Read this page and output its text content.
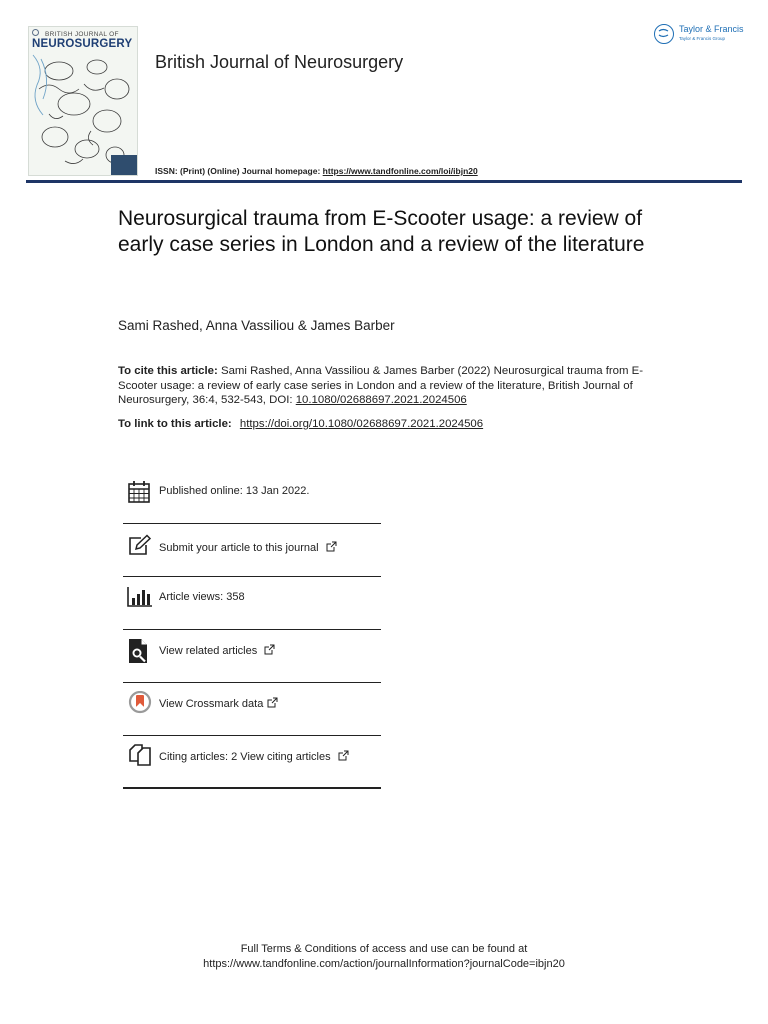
BRITISH JOURNAL OF
NEUROSURGERY
British Journal of Neurosurgery
ISSN: (Print) (Online) Journal homepage: https://www.tandfonline.com/loi/ibjn20
Taylor & Francis
Taylor & Francis Group
Neurosurgical trauma from E-Scooter usage: a review of early case series in London and a review of the literature
Sami Rashed, Anna Vassiliou & James Barber
To cite this article: Sami Rashed, Anna Vassiliou & James Barber (2022) Neurosurgical trauma from E-Scooter usage: a review of early case series in London and a review of the literature, British Journal of Neurosurgery, 36:4, 532-543, DOI: 10.1080/02688697.2021.2024506
To link to this article: https://doi.org/10.1080/02688697.2021.2024506
Published online: 13 Jan 2022.
Submit your article to this journal
Article views: 358
View related articles
View Crossmark data
Citing articles: 2 View citing articles
Full Terms & Conditions of access and use can be found at
https://www.tandfonline.com/action/journalInformation?journalCode=ibjn20
